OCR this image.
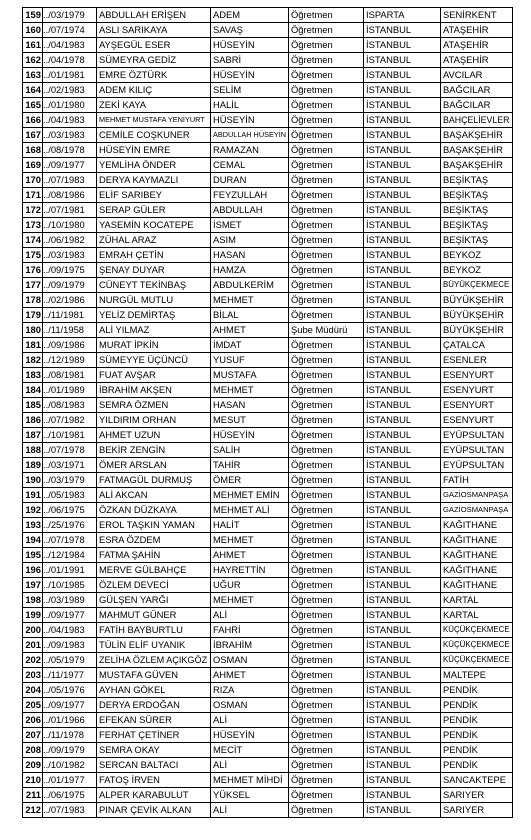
159	../03/1979	ABDULLAH ERİŞEN	ADEM	Öğretmen	ISPARTA	SENİRKENT
160	../07/1974	ASLI SARIKAYA	SAVAŞ	Öğretmen	İSTANBUL	ATAŞEHİR
161	../04/1983	AYŞEGÜL ESER	HÜSEYİN	Öğretmen	İSTANBUL	ATAŞEHİR
162	../04/1978	SÜMEYRA GEDİZ	SABRİ	Öğretmen	İSTANBUL	ATAŞEHİR
163	../01/1981	EMRE ÖZTÜRK	HÜSEYİN	Öğretmen	İSTANBUL	AVCILAR
164	../02/1983	ADEM KILIÇ	SELİM	Öğretmen	İSTANBUL	BAĞCILAR
165	../01/1980	ZEKİ KAYA	HALİL	Öğretmen	İSTANBUL	BAĞCILAR
166	../04/1983	MEHMET MUSTAFA YENİYURT	HÜSEYİN	Öğretmen	İSTANBUL	BAHÇELİEVLER
167	../03/1983	CEMİLE COŞKUNER	ABDULLAH HÜSEYİN	Öğretmen	İSTANBUL	BAŞAKŞEHİR
168	../08/1978	HÜSEYİN EMRE	RAMAZAN	Öğretmen	İSTANBUL	BAŞAKŞEHİR
169	../09/1977	YEMLİHA ÖNDER	CEMAL	Öğretmen	İSTANBUL	BAŞAKŞEHİR
170	../07/1983	DERYA KAYMAZLI	DURAN	Öğretmen	İSTANBUL	BEŞİKTAŞ
171	../08/1986	ELİF SARIBEY	FEYZULLAH	Öğretmen	İSTANBUL	BEŞİKTAŞ
172	../07/1981	SERAP GÜLER	ABDULLAH	Öğretmen	İSTANBUL	BEŞİKTAŞ
173	../10/1980	YASEMİN KOCATEPE	İSMET	Öğretmen	İSTANBUL	BEŞİKTAŞ
174	../06/1982	ZÜHAL ARAZ	ASIM	Öğretmen	İSTANBUL	BEŞİKTAŞ
175	../03/1983	EMRAH ÇETİN	HASAN	Öğretmen	İSTANBUL	BEYKOZ
176	../09/1975	ŞENAY DUYAR	HAMZA	Öğretmen	İSTANBUL	BEYKOZ
177	../09/1979	CÜNEYT TEKİNBAŞ	ABDULKERİM	Öğretmen	İSTANBUL	BÜYÜKÇEKMECE
178	../02/1986	NURGÜL MUTLU	MEHMET	Öğretmen	İSTANBUL	BÜYÜKŞEHİR
179	../11/1981	YELİZ DEMİRTAŞ	BİLAL	Öğretmen	İSTANBUL	BÜYÜKŞEHİR
180	../11/1958	ALİ YILMAZ	AHMET	Şube Müdürü	İSTANBUL	BÜYÜKŞEHİR
181	../09/1986	MURAT İPKİN	İMDAT	Öğretmen	İSTANBUL	ÇATALCA
182	../12/1989	SÜMEYYE ÜÇÜNCÜ	YUSUF	Öğretmen	İSTANBUL	ESENLER
183	../08/1981	FUAT AVŞAR	MUSTAFA	Öğretmen	İSTANBUL	ESENYURT
184	../01/1989	İBRAHİM AKŞEN	MEHMET	Öğretmen	İSTANBUL	ESENYURT
185	../08/1983	SEMRA ÖZMEN	HASAN	Öğretmen	İSTANBUL	ESENYURT
186	../07/1982	YILDIRIM ORHAN	MESUT	Öğretmen	İSTANBUL	ESENYURT
187	../10/1981	AHMET UZUN	HÜSEYİN	Öğretmen	İSTANBUL	EYÜPSULTAN
188	../07/1978	BEKİR ZENGİN	SALİH	Öğretmen	İSTANBUL	EYÜPSULTAN
189	../03/1971	ÖMER ARSLAN	TAHİR	Öğretmen	İSTANBUL	EYÜPSULTAN
190	../03/1979	FATMAGÜL DURMUŞ	ÖMER	Öğretmen	İSTANBUL	FATİH
191	../05/1983	ALİ AKCAN	MEHMET EMİN	Öğretmen	İSTANBUL	GAZİOSMANPAŞA
192	../06/1975	ÖZKAN DÜZKAYA	MEHMET ALİ	Öğretmen	İSTANBUL	GAZİOSMANPAŞA
193	../25/1976	EROL TAŞKIN YAMAN	HALİT	Öğretmen	İSTANBUL	KAĞITHANE
194	../07/1978	ESRA ÖZDEM	MEHMET	Öğretmen	İSTANBUL	KAĞITHANE
195	../12/1984	FATMA ŞAHİN	AHMET	Öğretmen	İSTANBUL	KAĞITHANE
196	../01/1991	MERVE GÜLBAHÇE	HAYRETTİN	Öğretmen	İSTANBUL	KAĞITHANE
197	../10/1985	ÖZLEM DEVECİ	UĞUR	Öğretmen	İSTANBUL	KAĞITHANE
198	../03/1989	GÜLŞEN YARĞI	MEHMET	Öğretmen	İSTANBUL	KARTAL
199	../09/1977	MAHMUT GÜNER	ALİ	Öğretmen	İSTANBUL	KARTAL
200	../04/1983	FATİH BAYBURTLU	FAHRİ	Öğretmen	İSTANBUL	KÜÇÜKÇEKMECE
201	../09/1983	TÜLİN ELİF UYANIK	İBRAHİM	Öğretmen	İSTANBUL	KÜÇÜKÇEKMECE
202	../05/1979	ZELİHA ÖZLEM AÇIKGÖZ	OSMAN	Öğretmen	İSTANBUL	KÜÇÜKÇEKMECE
203	../11/1977	MUSTAFA GÜVEN	AHMET	Öğretmen	İSTANBUL	MALTEPE
204	../05/1976	AYHAN GÖKEL	RIZA	Öğretmen	İSTANBUL	PENDİK
205	../09/1977	DERYA ERDOĞAN	OSMAN	Öğretmen	İSTANBUL	PENDİK
206	../01/1966	EFEKAN SÜRER	ALİ	Öğretmen	İSTANBUL	PENDİK
207	../11/1978	FERHAT ÇETİNER	HÜSEYİN	Öğretmen	İSTANBUL	PENDİK
208	../09/1979	SEMRA OKAY	MECİT	Öğretmen	İSTANBUL	PENDİK
209	../10/1982	SERCAN BALTACI	ALİ	Öğretmen	İSTANBUL	PENDİK
210	../01/1977	FATOŞ İRVEN	MEHMET MİHDİ	Öğretmen	İSTANBUL	SANCAKTEPE
211	../06/1975	ALPER KARABULUT	YÜKSEL	Öğretmen	İSTANBUL	SARIYER
212	../07/1983	PINAR ÇEVİK ALKAN	ALİ	Öğretmen	İSTANBUL	SARIYER
